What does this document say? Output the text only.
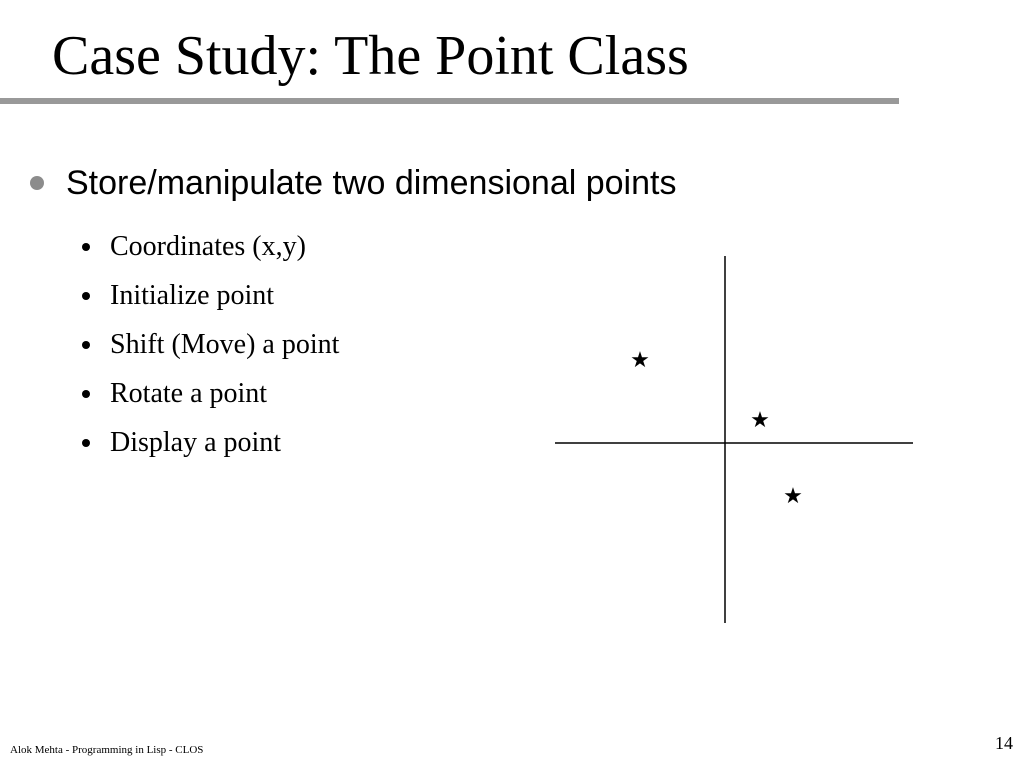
Case Study: The Point Class
Store/manipulate two dimensional points
Coordinates (x,y)
Initialize point
Shift (Move) a point
Rotate a point
Display a point
★
★
★
Alok Mehta - Programming in Lisp - CLOS	14
